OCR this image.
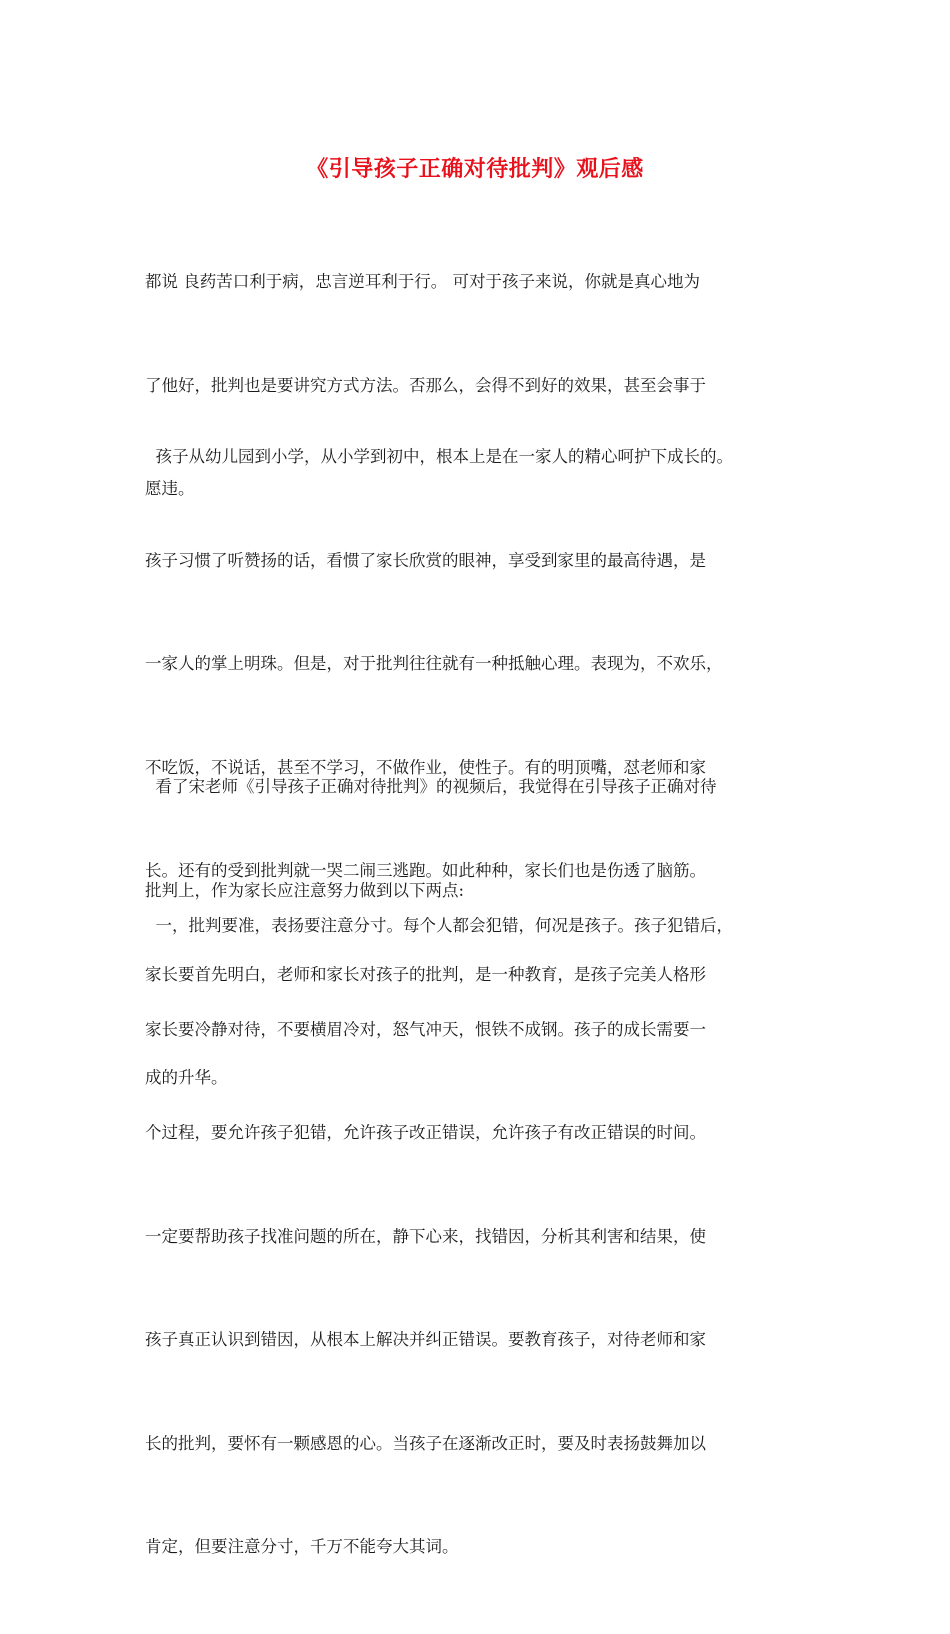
《引导孩子正确对待批判》观后感

都说 良药苦口利于病，忠言逆耳利于行。 可对于孩子来说，你就是真心地为

了他好，批判也是要讲究方式方法。否那么，会得不到好的效果，甚至会事于

愿违。

孩子从幼儿园到小学，从小学到初中，根本上是在一家人的精心呵护下成长的。

孩子习惯了听赞扬的话，看惯了家长欣赏的眼神，享受到家里的最高待遇，是

一家人的掌上明珠。但是，对于批判往往就有一种抵触心理。表现为，不欢乐，

不吃饭，不说话，甚至不学习，不做作业，使性子。有的明顶嘴，怼老师和家

长。还有的受到批判就一哭二闹三逃跑。如此种种，家长们也是伤透了脑筋。

家长要首先明白，老师和家长对孩子的批判，是一种教育，是孩子完美人格形

成的升华。

看了宋老师《引导孩子正确对待批判》的视频后，我觉得在引导孩子正确对待

批判上，作为家长应注意努力做到以下两点:

一，批判要准，表扬要注意分寸。每个人都会犯错，何况是孩子。孩子犯错后，

家长要冷静对待，不要横眉冷对，怒气冲天，恨铁不成钢。孩子的成长需要一

个过程，要允许孩子犯错，允许孩子改正错误，允许孩子有改正错误的时间。

一定要帮助孩子找准问题的所在，静下心来，找错因，分析其利害和结果，使

孩子真正认识到错因，从根本上解决并纠正错误。要教育孩子，对待老师和家

长的批判，要怀有一颗感恩的心。当孩子在逐渐改正时，要及时表扬鼓舞加以

肯定，但要注意分寸，千万不能夸大其词。
